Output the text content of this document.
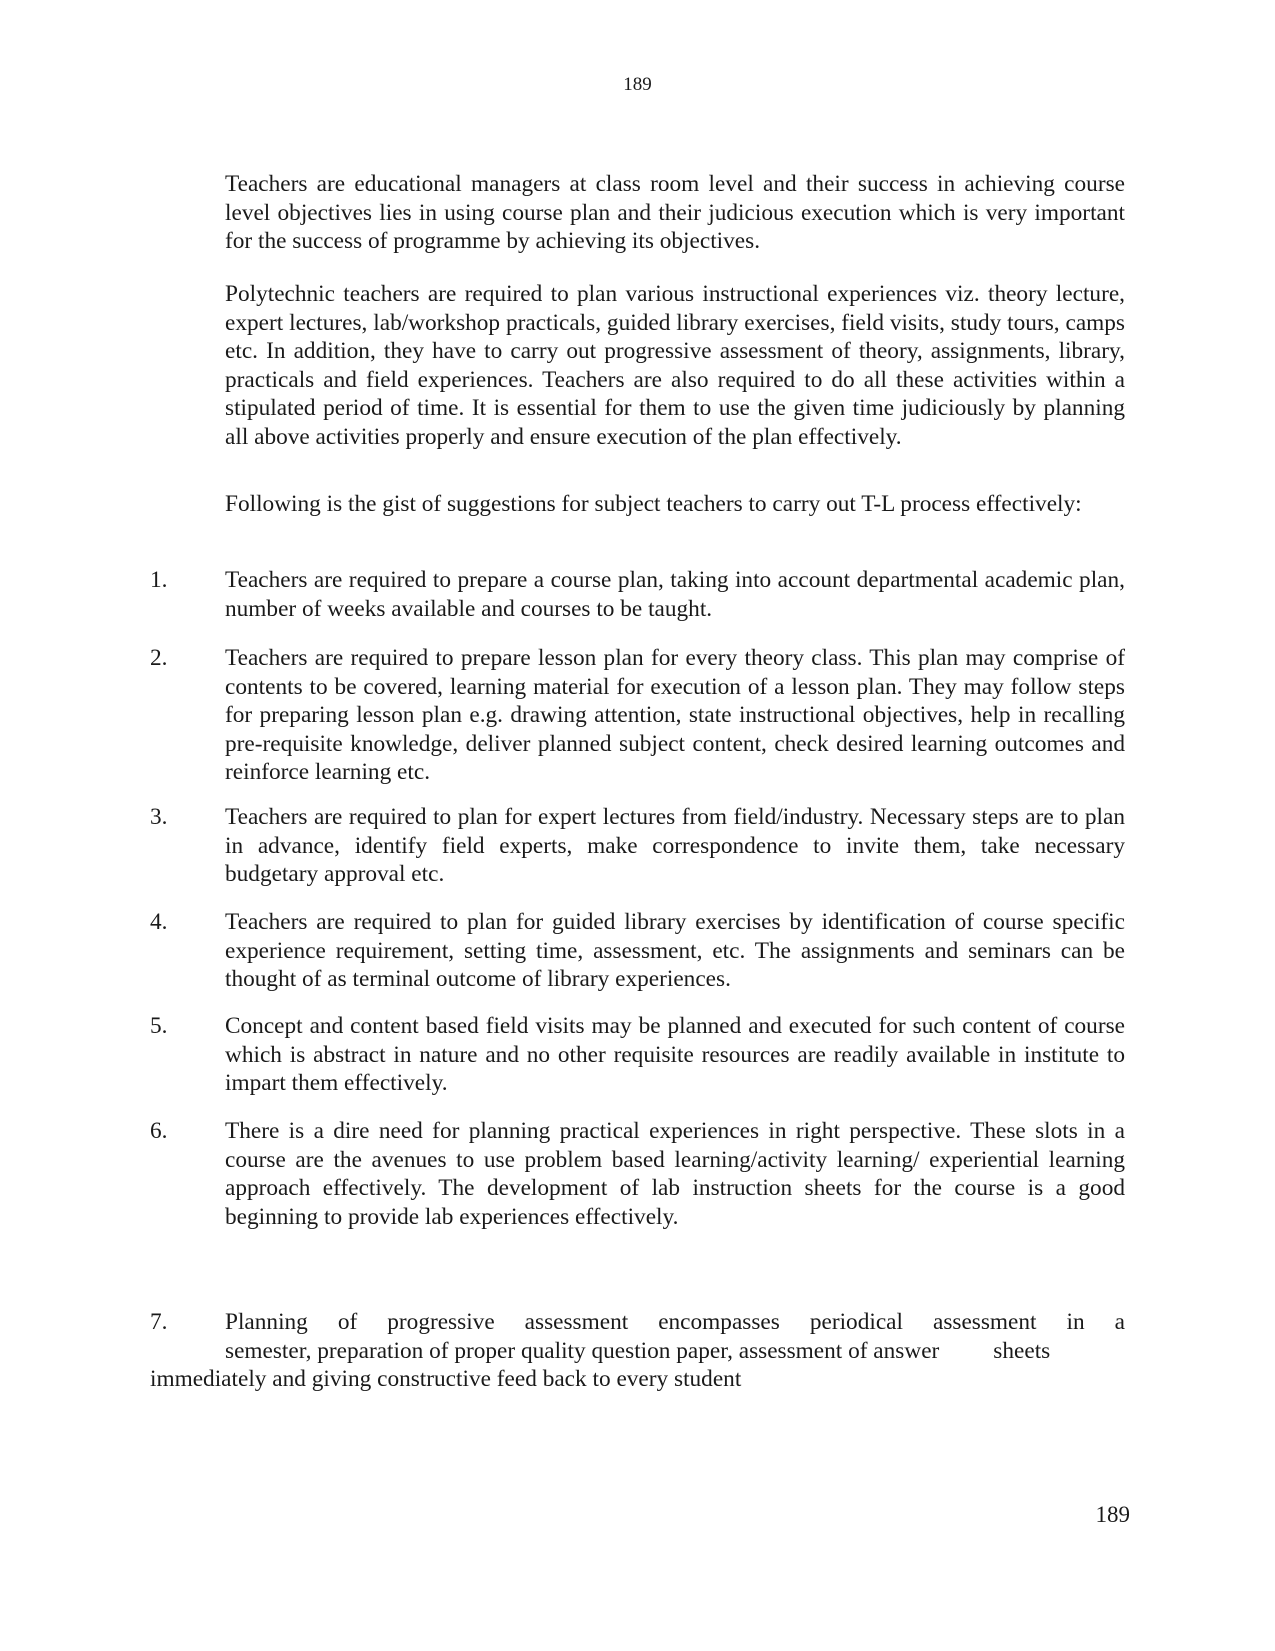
189

Teachers are educational managers at class room level and their success in achieving course level objectives lies in using course plan and their judicious execution which is very important for the success of programme by achieving its objectives.

Polytechnic teachers are required to plan various instructional experiences viz. theory lecture, expert lectures, lab/workshop practicals, guided library exercises, field visits, study tours, camps etc. In addition, they have to carry out progressive assessment of theory, assignments, library, practicals and field experiences. Teachers are also required to do all these activities within a stipulated period of time. It is essential for them to use the given time judiciously by planning all above activities properly and ensure execution of the plan effectively.

Following is the gist of suggestions for subject teachers to carry out T-L process effectively:

1. Teachers are required to prepare a course plan, taking into account departmental academic plan, number of weeks available and courses to be taught.
2. Teachers are required to prepare lesson plan for every theory class. This plan may comprise of contents to be covered, learning material for execution of a lesson plan. They may follow steps for preparing lesson plan e.g. drawing attention, state instructional objectives, help in recalling pre-requisite knowledge, deliver planned subject content, check desired learning outcomes and reinforce learning etc.
3. Teachers are required to plan for expert lectures from field/industry. Necessary steps are to plan in advance, identify field experts, make correspondence to invite them, take necessary budgetary approval etc.
4. Teachers are required to plan for guided library exercises by identification of course specific experience requirement, setting time, assessment, etc. The assignments and seminars can be thought of as terminal outcome of library experiences.
5. Concept and content based field visits may be planned and executed for such content of course which is abstract in nature and no other requisite resources are readily available in institute to impart them effectively.
6. There is a dire need for planning practical experiences in right perspective. These slots in a course are the avenues to use problem based learning/activity learning/ experiential learning approach effectively. The development of lab instruction sheets for the course is a good beginning to provide lab experiences effectively.
7. Planning of progressive assessment encompasses periodical assessment in a
semester, preparation of proper quality question paper, assessment of answer sheets
immediately and giving constructive feed back to every student
189
